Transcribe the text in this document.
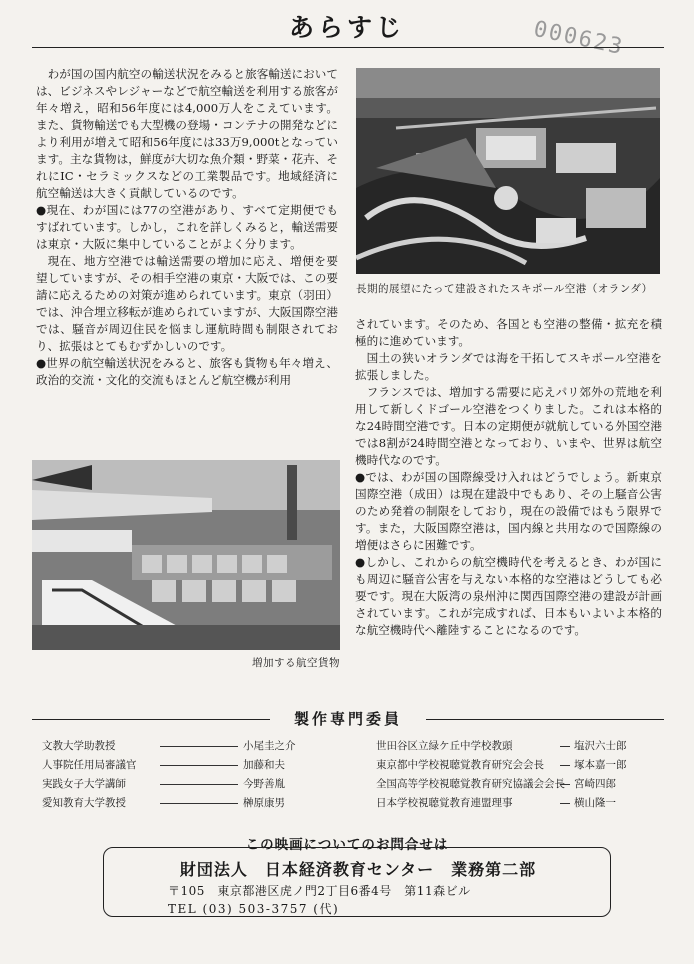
あらすじ	000623

わが国の国内航空の輸送状況をみると旅客輸送においては、ビジネスやレジャーなどで航空輸送を利用する旅客が年々増え，昭和56年度には4,000万人をこえています。また、貨物輸送でも大型機の登場・コンテナの開発などにより利用が増えて昭和56年度には33万9,000tとなっています。主な貨物は，鮮度が大切な魚介類・野菜・花卉、それにIC・セラミックスなどの工業製品です。地域経済に航空輸送は大きく貢献しているのです。

●現在、わが国には77の空港があり、すべて定期便でもすばれています。しかし，これを詳しくみると，輸送需要は東京・大阪に集中していることがよく分ります。

現在、地方空港では輸送需要の増加に応え、増便を要望していますが、その相手空港の東京・大阪では、この要請に応えるための対策が進められています。東京（羽田）では、沖合埋立移転が進められていますが、大阪国際空港では、騒音が周辺住民を悩まし運航時間も制限されており、拡張はとてもむずかしいのです。

●世界の航空輸送状況をみると、旅客も貨物も年々増え、政治的交流・文化的交流もほとんど航空機が利用

長期的展望にたって建設されたスキポール空港（オランダ）
増加する航空貨物

されています。そのため、各国とも空港の整備・拡充を積極的に進めています。

国土の狭いオランダでは海を干拓してスキポール空港を拡張しました。

フランスでは、増加する需要に応えパリ郊外の荒地を利用して新しくドゴール空港をつくりました。これは本格的な24時間空港です。日本の定期便が就航している外国空港では8割が24時間空港となっており、いまや、世界は航空機時代なのです。

●では、わが国の国際線受け入れはどうでしょう。新東京国際空港（成田）は現在建設中でもあり、その上騒音公害のため発着の制限をしており，現在の設備ではもう限界です。また，大阪国際空港は，国内線と共用なので国際線の増便はさらに困難です。

●しかし、これからの航空機時代を考えるとき、わが国にも周辺に騒音公害を与えない本格的な空港はどうしても必要です。現在大阪湾の泉州沖に関西国際空港の建設が計画されています。これが完成すれば、日本もいよいよ本格的な航空機時代へ離陸することになるのです。

製作専門委員
文教大学助教授	小尾圭之介
人事院任用局審議官	加藤和夫
実践女子大学講師	今野善胤
愛知教育大学教授	榊原康男
世田谷区立緑ケ丘中学校教頭	塩沢六士郎
東京都中学校視聴覚教育研究会会長	塚本嘉一郎
全国高等学校視聴覚教育研究協議会会長 宮崎四郎
日本学校視聴覚教育連盟理事	横山隆一
この映画についてのお問合せは
財団法人　日本経済教育センター　業務第二部
〒105　東京都港区虎ノ門2丁目6番4号　第11森ビル
TEL (03) 503-3757 (代)
